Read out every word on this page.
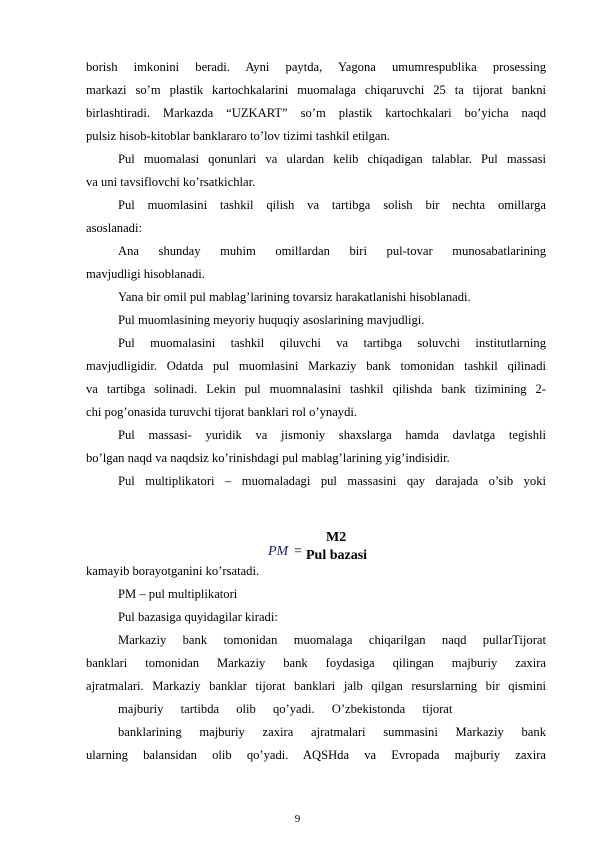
borish imkonini beradi. Ayni paytda, Yagona umumrespublika prosessing
markazi so’m plastik kartochkalarini muomalaga chiqaruvchi 25 ta tijorat bankni
birlashtiradi. Markazda “UZKART” so’m plastik kartochkalari bo’yicha naqd
pulsiz hisob-kitoblar banklararo to’lov tizimi tashkil etilgan.
Pul muomalasi qonunlari va ulardan kelib chiqadigan talablar. Pul massasi
va uni tavsiflovchi ko’rsatkichlar.
Pul muomlasini tashkil qilish va tartibga solish bir nechta omillarga
asoslanadi:
Ana shunday muhim omillardan biri pul-tovar munosabatlarining
mavjudligi hisoblanadi.
Yana bir omil pul mablag’larining tovarsiz harakatlanishi hisoblanadi.
Pul muomlasining meyoriy huquqiy asoslarining mavjudligi.
Pul muomalasini tashkil qiluvchi va tartibga soluvchi institutlarning
mavjudligidir. Odatda pul muomlasini Markaziy bank tomonidan tashkil qilinadi
va tartibga solinadi. Lekin pul muomnalasini tashkil qilishda bank tizimining 2-
chi pog’onasida turuvchi tijorat banklari rol o’ynaydi.
Pul massasi- yuridik va jismoniy shaxslarga hamda davlatga tegishli
bo’lgan naqd va naqdsiz ko’rinishdagi pul mablag’larining yig’indisidir.
Pul multiplikatori – muomaladagi pul massasini qay darajada o’sib yoki
PM =
M2
Pul bazasi
kamayib borayotganini ko’rsatadi.
PM – pul multiplikatori
Pul bazasiga quyidagilar kiradi:
Markaziy bank tomonidan muomalaga chiqarilgan naqd pullarTijorat
banklari tomonidan Markaziy bank foydasiga qilingan majburiy zaxira
ajratmalari. Markaziy banklar tijorat banklari jalb qilgan resurslarning bir qismini
majburiy tartibda olib qo’yadi. O’zbekistonda tijorat
banklarining majburiy zaxira ajratmalari summasini Markaziy bank
ularning balansidan olib qo’yadi. AQSHda va Evropada majburiy zaxira
9
